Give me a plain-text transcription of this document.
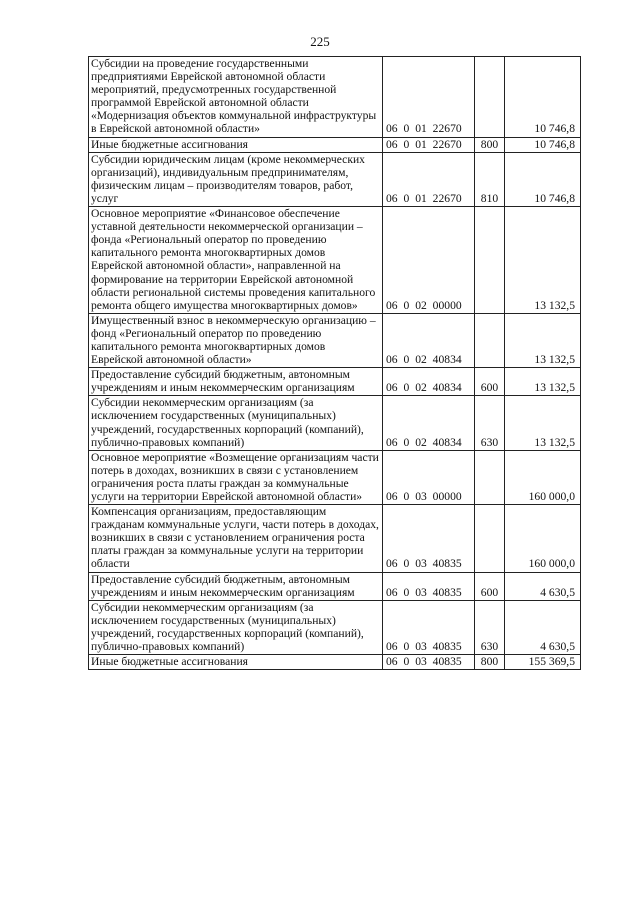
225
Субсидии на проведение государственными предприятиями Еврейской автономной области мероприятий, предусмотренных государственной программой Еврейской автономной области «Модернизация объектов коммунальной инфраструктуры в Еврейской автономной области»	06 0 01 22670		10 746,8
Иные бюджетные ассигнования	06 0 01 22670	800	10 746,8
Субсидии юридическим лицам (кроме некоммерческих организаций), индивидуальным предпринимателям, физическим лицам – производителям товаров, работ, услуг	06 0 01 22670	810	10 746,8
Основное мероприятие «Финансовое обеспечение уставной деятельности некоммерческой организации – фонда «Региональный оператор по проведению капитального ремонта многоквартирных домов Еврейской автономной области», направленной на формирование на территории Еврейской автономной области региональной системы проведения капитального ремонта общего имущества многоквартирных домов»	06 0 02 00000		13 132,5
Имущественный взнос в некоммерческую организацию – фонд «Региональный оператор по проведению капитального ремонта многоквартирных домов Еврейской автономной области»	06 0 02 40834		13 132,5
Предоставление субсидий бюджетным, автономным учреждениям и иным некоммерческим организациям	06 0 02 40834	600	13 132,5
Субсидии некоммерческим организациям (за исключением государственных (муниципальных) учреждений, государственных корпораций (компаний), публично-правовых компаний)	06 0 02 40834	630	13 132,5
Основное мероприятие «Возмещение организациям части потерь в доходах, возникших в связи с установлением ограничения роста платы граждан за коммунальные услуги на территории Еврейской автономной области»	06 0 03 00000		160 000,0
Компенсация организациям, предоставляющим гражданам коммунальные услуги, части потерь в доходах, возникших в связи с установлением ограничения роста платы граждан за коммунальные услуги на территории области	06 0 03 40835		160 000,0
Предоставление субсидий бюджетным, автономным учреждениям и иным некоммерческим организациям	06 0 03 40835	600	4 630,5
Субсидии некоммерческим организациям (за исключением государственных (муниципальных) учреждений, государственных корпораций (компаний), публично-правовых компаний)	06 0 03 40835	630	4 630,5
Иные бюджетные ассигнования	06 0 03 40835	800	155 369,5
